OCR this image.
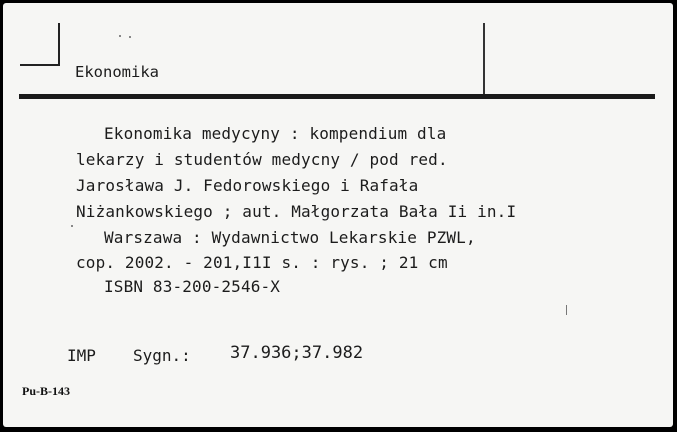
Ekonomika
Ekonomika medycyny : kompendium dla
lekarzy i studentów medycny / pod red.
Jarosława J. Fedorowskiego i Rafała
Niżankowskiego ; aut. Małgorzata Bała Ii in.I
Warszawa : Wydawnictwo Lekarskie PZWL,
cop. 2002. - 201,I1I s. : rys. ; 21 cm
ISBN 83-200-2546-X
IMP Sygn.: 37.936;37.982
Pu-B-143
